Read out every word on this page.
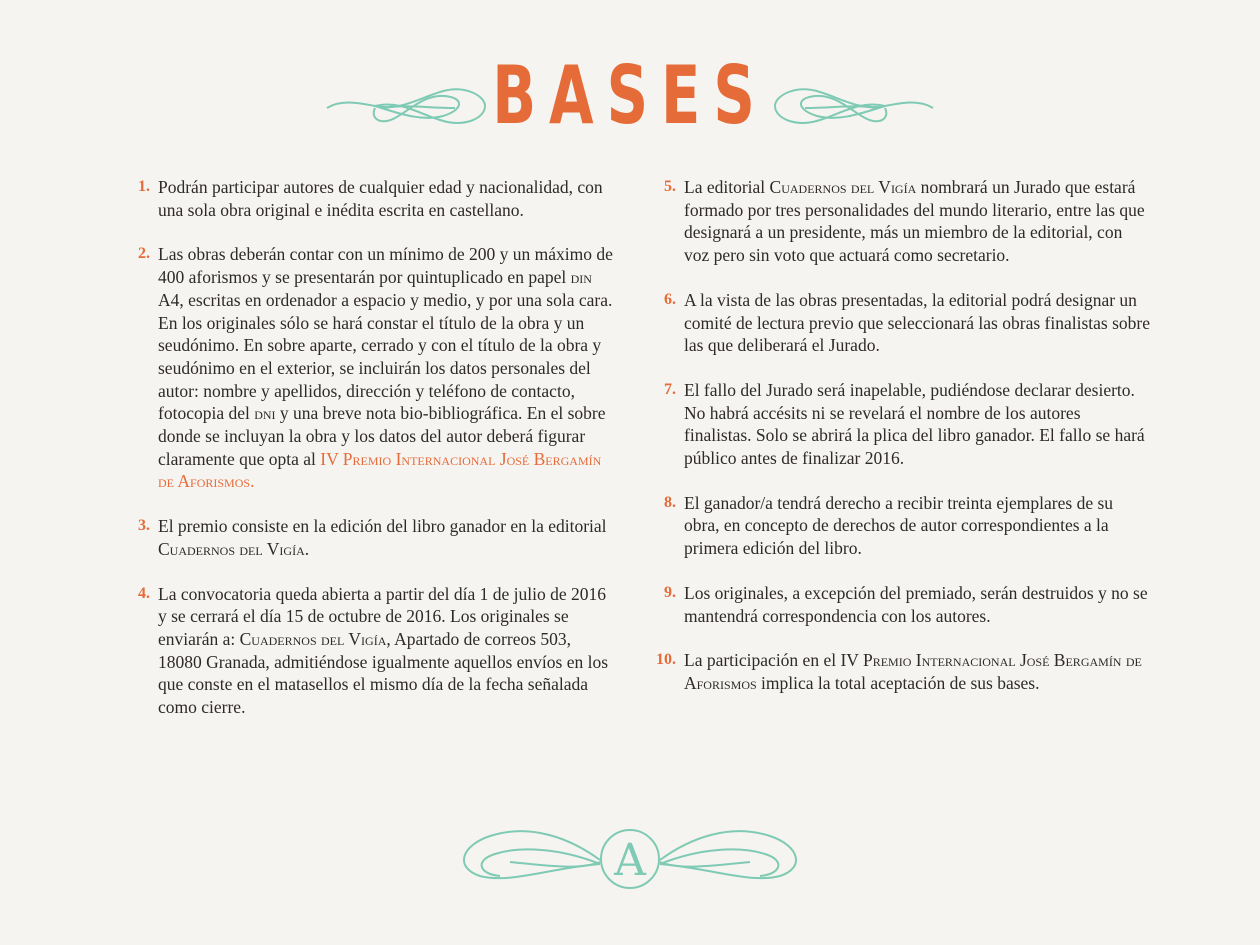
BASES
1. Podrán participar autores de cualquier edad y nacionalidad, con una sola obra original e inédita escrita en castellano.
2. Las obras deberán contar con un mínimo de 200 y un máximo de 400 aforismos y se presentarán por quintuplicado en papel din A4, escritas en ordenador a espacio y medio, y por una sola cara. En los originales sólo se hará constar el título de la obra y un seudónimo. En sobre aparte, cerrado y con el título de la obra y seudónimo en el exterior, se incluirán los datos personales del autor: nombre y apellidos, dirección y teléfono de contacto, fotocopia del dni y una breve nota bio-bibliográfica. En el sobre donde se incluyan la obra y los datos del autor deberá figurar claramente que opta al IV Premio Internacional José Bergamín de Aforismos.
3. El premio consiste en la edición del libro ganador en la editorial Cuadernos del Vigía.
4. La convocatoria queda abierta a partir del día 1 de julio de 2016 y se cerrará el día 15 de octubre de 2016. Los originales se enviarán a: Cuadernos del Vigía, Apartado de correos 503, 18080 Granada, admitiéndose igualmente aquellos envíos en los que conste en el matasellos el mismo día de la fecha señalada como cierre.
5. La editorial Cuadernos del Vigía nombrará un Jurado que estará formado por tres personalidades del mundo literario, entre las que designará a un presidente, más un miembro de la editorial, con voz pero sin voto que actuará como secretario.
6. A la vista de las obras presentadas, la editorial podrá designar un comité de lectura previo que seleccionará las obras finalistas sobre las que deliberará el Jurado.
7. El fallo del Jurado será inapelable, pudiéndose declarar desierto. No habrá accésits ni se revelará el nombre de los autores finalistas. Solo se abrirá la plica del libro ganador. El fallo se hará público antes de finalizar 2016.
8. El ganador/a tendrá derecho a recibir treinta ejemplares de su obra, en concepto de derechos de autor correspondientes a la primera edición del libro.
9. Los originales, a excepción del premiado, serán destruidos y no se mantendrá correspondencia con los autores.
10. La participación en el IV Premio Internacional José Bergamín de Aforismos implica la total aceptación de sus bases.
A
